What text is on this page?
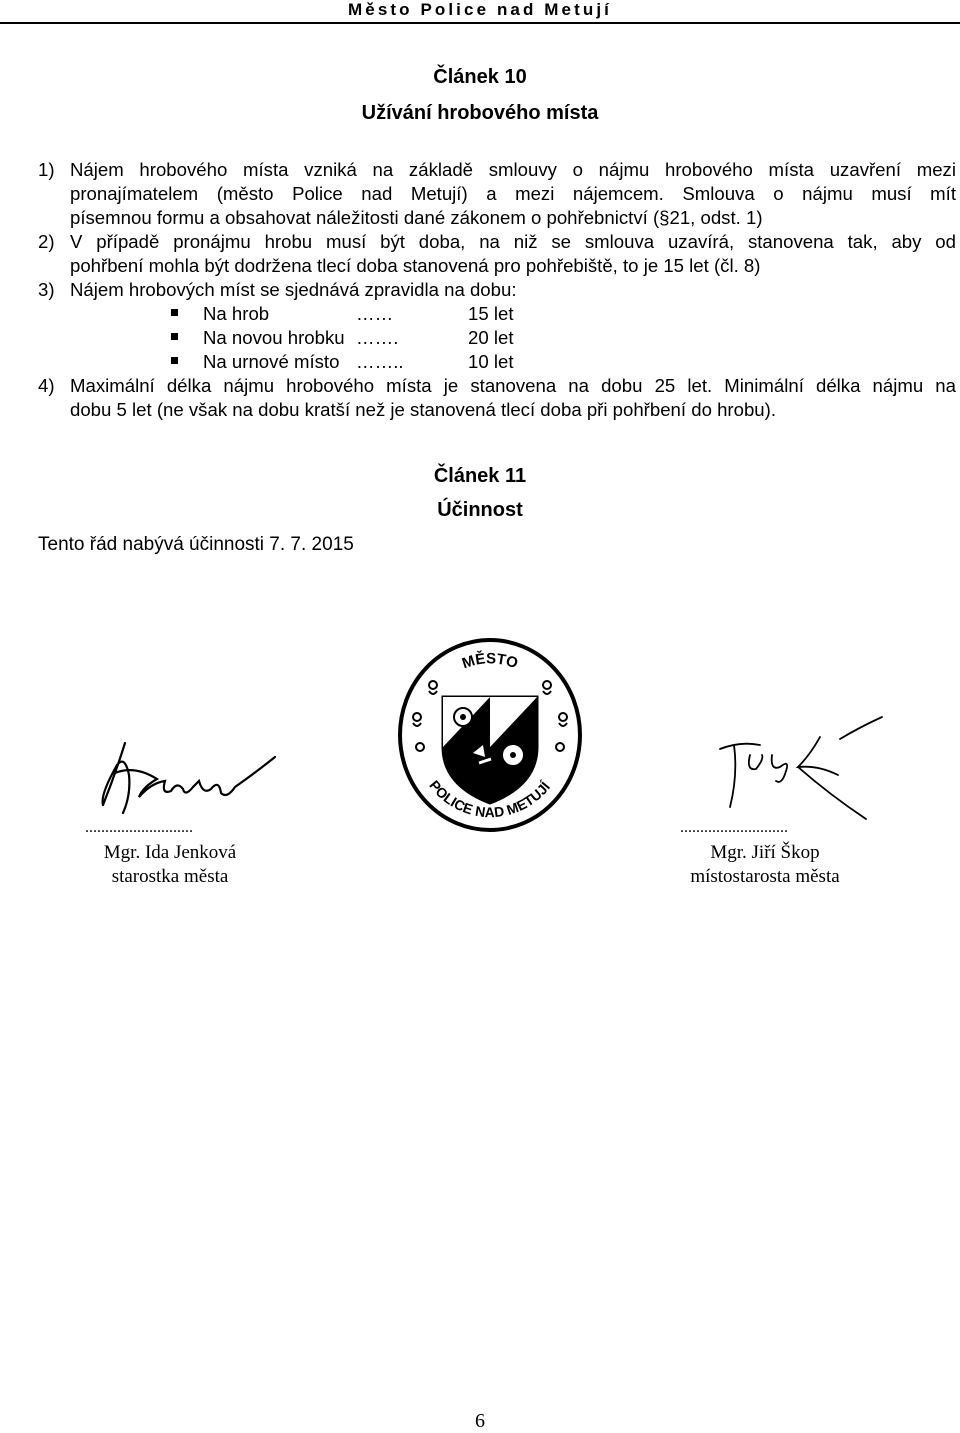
Město Police nad Metují
Článek 10
Užívání hrobového místa
1) Nájem hrobového místa vzniká na základě smlouvy o nájmu hrobového místa uzavření mezi
pronajímatelem (město Police nad Metují) a mezi nájemcem. Smlouva o nájmu musí mít
písemnou formu a obsahovat náležitosti dané zákonem o pohřebnictví (§21, odst. 1)
2) V případě pronájmu hrobu musí být doba, na niž se smlouva uzavírá, stanovena tak, aby od
pohřbení mohla být dodržena tlecí doba stanovená pro pohřebiště, to je 15 let (čl. 8)
3) Nájem hrobových míst se sjednává zpravidla na dobu:
Na hrob	……	15 let
Na novou hrobku …….	20 let
Na urnové místo ……..	10 let
4) Maximální délka nájmu hrobového místa je stanovena na dobu 25 let. Minimální délka nájmu na
dobu 5 let (ne však na dobu kratší než je stanovená tlecí doba při pohřbení do hrobu).
Článek 11
Účinnost
Tento řád nabývá účinnosti 7. 7. 2015
MĚSTO
POLICE NAD METUJÍ
...........................
Mgr. Ida Jenková
starostka města
...........................
Mgr. Jiří Škop
místostarosta města
6
